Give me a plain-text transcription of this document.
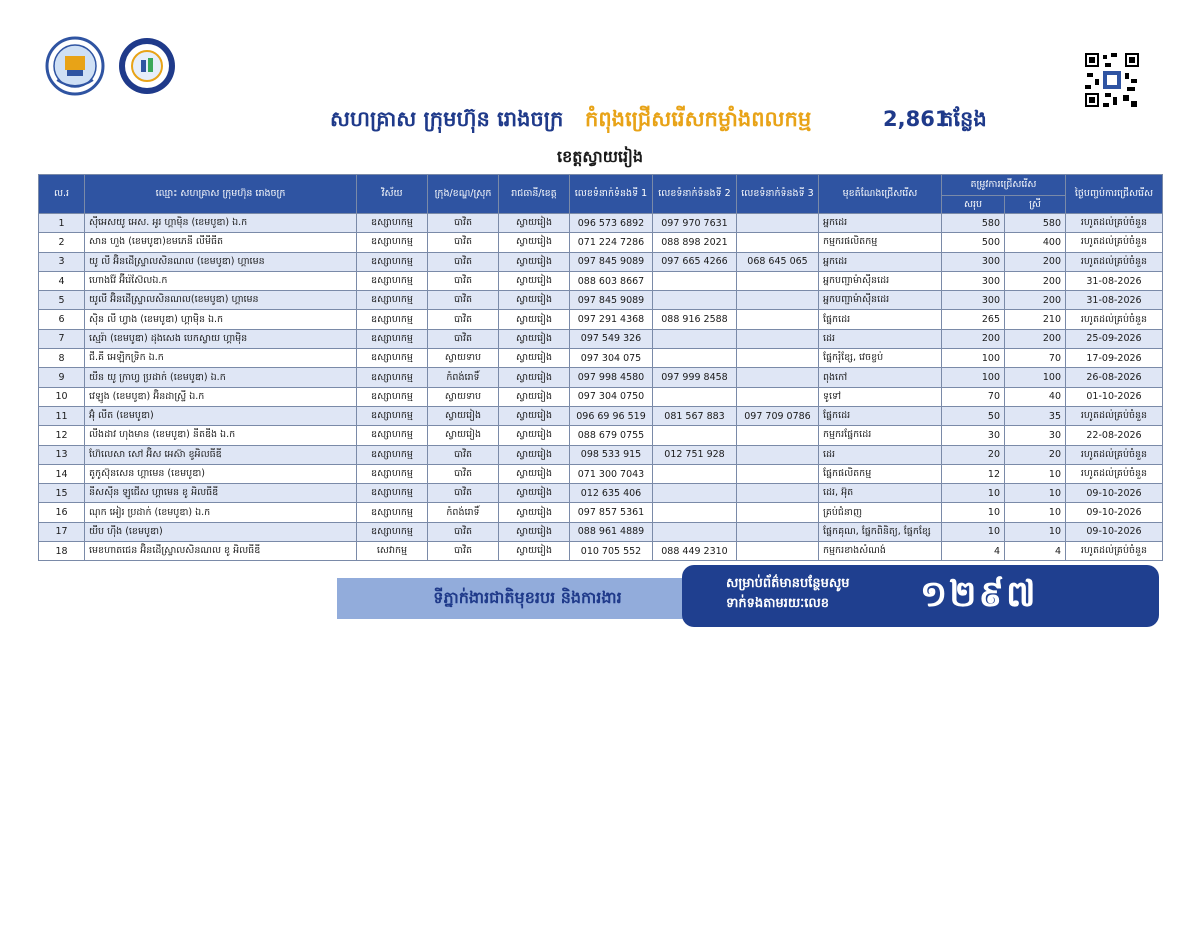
សហគ្រាស ក្រុមហ៊ុន រោងចក្រ កំពុងជ្រើសរើសកម្លាំងពលកម្ម	2,861
កន្លែង
ខេត្តស្វាយរៀង
ល.រ	ឈ្មោះ សហគ្រាស ក្រុមហ៊ុន រោងចក្រ	វិស័យ	ក្រុង/ខណ្ឌ/ស្រុក	រាជធានី/ខេត្ត	លេខទំនាក់ទំនងទី 1	លេខទំនាក់ទំនងទី 2	លេខទំនាក់ទំនងទី 3	មុខតំណែងជ្រើសរើស	តម្រូវការជ្រើសរើស		ថ្ងៃបញ្ចប់ការជ្រើសរើស
									សរុប	ស្រី	
1	ស៊ីអេសយូ អេស. អូរ ហ្គាម៉ិន (ខេមបូឌា) ឯ.ក	ឧស្សាហកម្ម	បាវិត	ស្វាយរៀង	096 573 6892	097 970 7631		អ្នកដេរ	580	580	រហូតដល់គ្រប់ចំនួន
2	សាន ហួង (ខេមបូឌា)ខមភេនី លីមីធីត	ឧស្សាហកម្ម	បាវិត	ស្វាយរៀង	071 224 7286	088 898 2021		កម្មករផលិតកម្ម	500	400	រហូតដល់គ្រប់ចំនួន
3	យូ លី អ៊ិនដើស្ទ្រាលសិនណល (ខេមបូឌា) ហ្គាមេន	ឧស្សាហកម្ម	បាវិត	ស្វាយរៀង	097 845 9089	097 665 4266	068 645 065	អ្នកដេរ	300	200	រហូតដល់គ្រប់ចំនួន
4	ហោងវ៉ែ អ៊ីរ៉េស៊ែលឯ.ក	ឧស្សាហកម្ម	បាវិត	ស្វាយរៀង	088 603 8667			អ្នកបញ្ជាម៉ាស៊ីនដេរ	300	200	31-08-2026
5	យូលី អ៊ិនដើស្ទ្រាលសិនណល(ខេមបូឌា) ហ្គាមេន	ឧស្សាហកម្ម	បាវិត	ស្វាយរៀង	097 845 9089			អ្នកបញ្ជាម៉ាស៊ីនដេរ	300	200	31-08-2026
6	ស៊ិន លី ហ្វាង (ខេមបូឌា) ហ្គាម៉ិន ឯ.ក	ឧស្សាហកម្ម	បាវិត	ស្វាយរៀង	097 291 4368	088 916 2588		ផ្នែកដេរ	265	210	រហូតដល់គ្រប់ចំនួន
7	ស្មេរ៉ា (ខេមបូឌា) ដុងសេង បេកស្វាយ ហ្គាម៉ិន	ឧស្សាហកម្ម	បាវិត	ស្វាយរៀង	097 549 326			ដេរ	200	200	25-09-2026
8	ជី.គី អេឡិកទ្រិក ឯ.ក	ឧស្សាហកម្ម	ស្វាយទាប	ស្វាយរៀង	097 304 075			ផ្នែករុំខ្សែ, វេចខ្ចប់	100	70	17-09-2026
9	យីន យូ ក្រាហ្វ ប្រដាក់ (ខេមបូឌា) ឯ.ក	ឧស្សាហកម្ម	កំពង់រោទិ៍	ស្វាយរៀង	097 998 4580	097 999 8458		ពុងកៅ	100	100	26-08-2026
10	វេឡូង (ខេមបូឌា) អ៊ិនដាស្ទ្រី ឯ.ក	ឧស្សាហកម្ម	ស្វាយទាប	ស្វាយរៀង	097 304 0750			ទូទៅ	70	40	01-10-2026
11	អ៊ុំ លីត (ខេមបូឌា)	ឧស្សាហកម្ម	ស្វាយរៀង	ស្វាយរៀង	096 69 96 519	081 567 883	097 709 0786	ផ្នែកដេរ	50	35	រហូតដល់គ្រប់ចំនួន
12	លីងដាវ ហុងមាន (ខេមបូឌា) នីតឌីង ឯ.ក	ឧស្សាហកម្ម	ស្វាយរៀង	ស្វាយរៀង	088 679 0755			កម្មករផ្នែកដេរ	30	30	22-08-2026
13	ហ៊ែលេសា សៅ អ៊ិស អេស៊ា ខូអិលធីឌី	ឧស្សាហកម្ម	បាវិត	ស្វាយរៀង	098 533 915	012 751 928		ដេរ	20	20	រហូតដល់គ្រប់ចំនួន
14	តូកូស៊ុនសេន ហ្គាមេន (ខេមបូឌា)	ឧស្សាហកម្ម	បាវិត	ស្វាយរៀង	071 300 7043			ផ្នែកផលិតកម្ម	12	10	រហូតដល់គ្រប់ចំនួន
15	នីសស៊ីន ឡូជើស ហ្គាមេន ខូ អិលធីឌី	ឧស្សាហកម្ម	បាវិត	ស្វាយរៀង	012 635 406			ដេរ, អ៊ុត	10	10	09-10-2026
16	ណុក អៀរ ប្រដាក់ (ខេមបូឌា) ឯ.ក	ឧស្សាហកម្ម	កំពង់រោទិ៍	ស្វាយរៀង	097 857 5361			គ្រប់ជំនាញ	10	10	09-10-2026
17	យីប ហ៊ីង (ខេមបូឌា)	ឧស្សាហកម្ម	បាវិត	ស្វាយរៀង	088 961 4889			ផ្នែកគុណ, ផ្នែកពិនិត្យ, ផ្នែកខ្សែ	10	10	09-10-2026
18	មេខហាតជេន អ៊ិនដើស្ទ្រាលសិនណល ខូ អិលធីឌី	សេវាកម្ម	បាវិត	ស្វាយរៀង	010 705 552	088 449 2310		កម្មករខាងសំណង់	4	4	រហូតដល់គ្រប់ចំនួន
ទីភ្នាក់ងារជាតិមុខរបរ និងការងារ
សម្រាប់ព័ត៌មានបន្ថែមសូម
ទាក់ទងតាមរយៈលេខ	១២៩៧
